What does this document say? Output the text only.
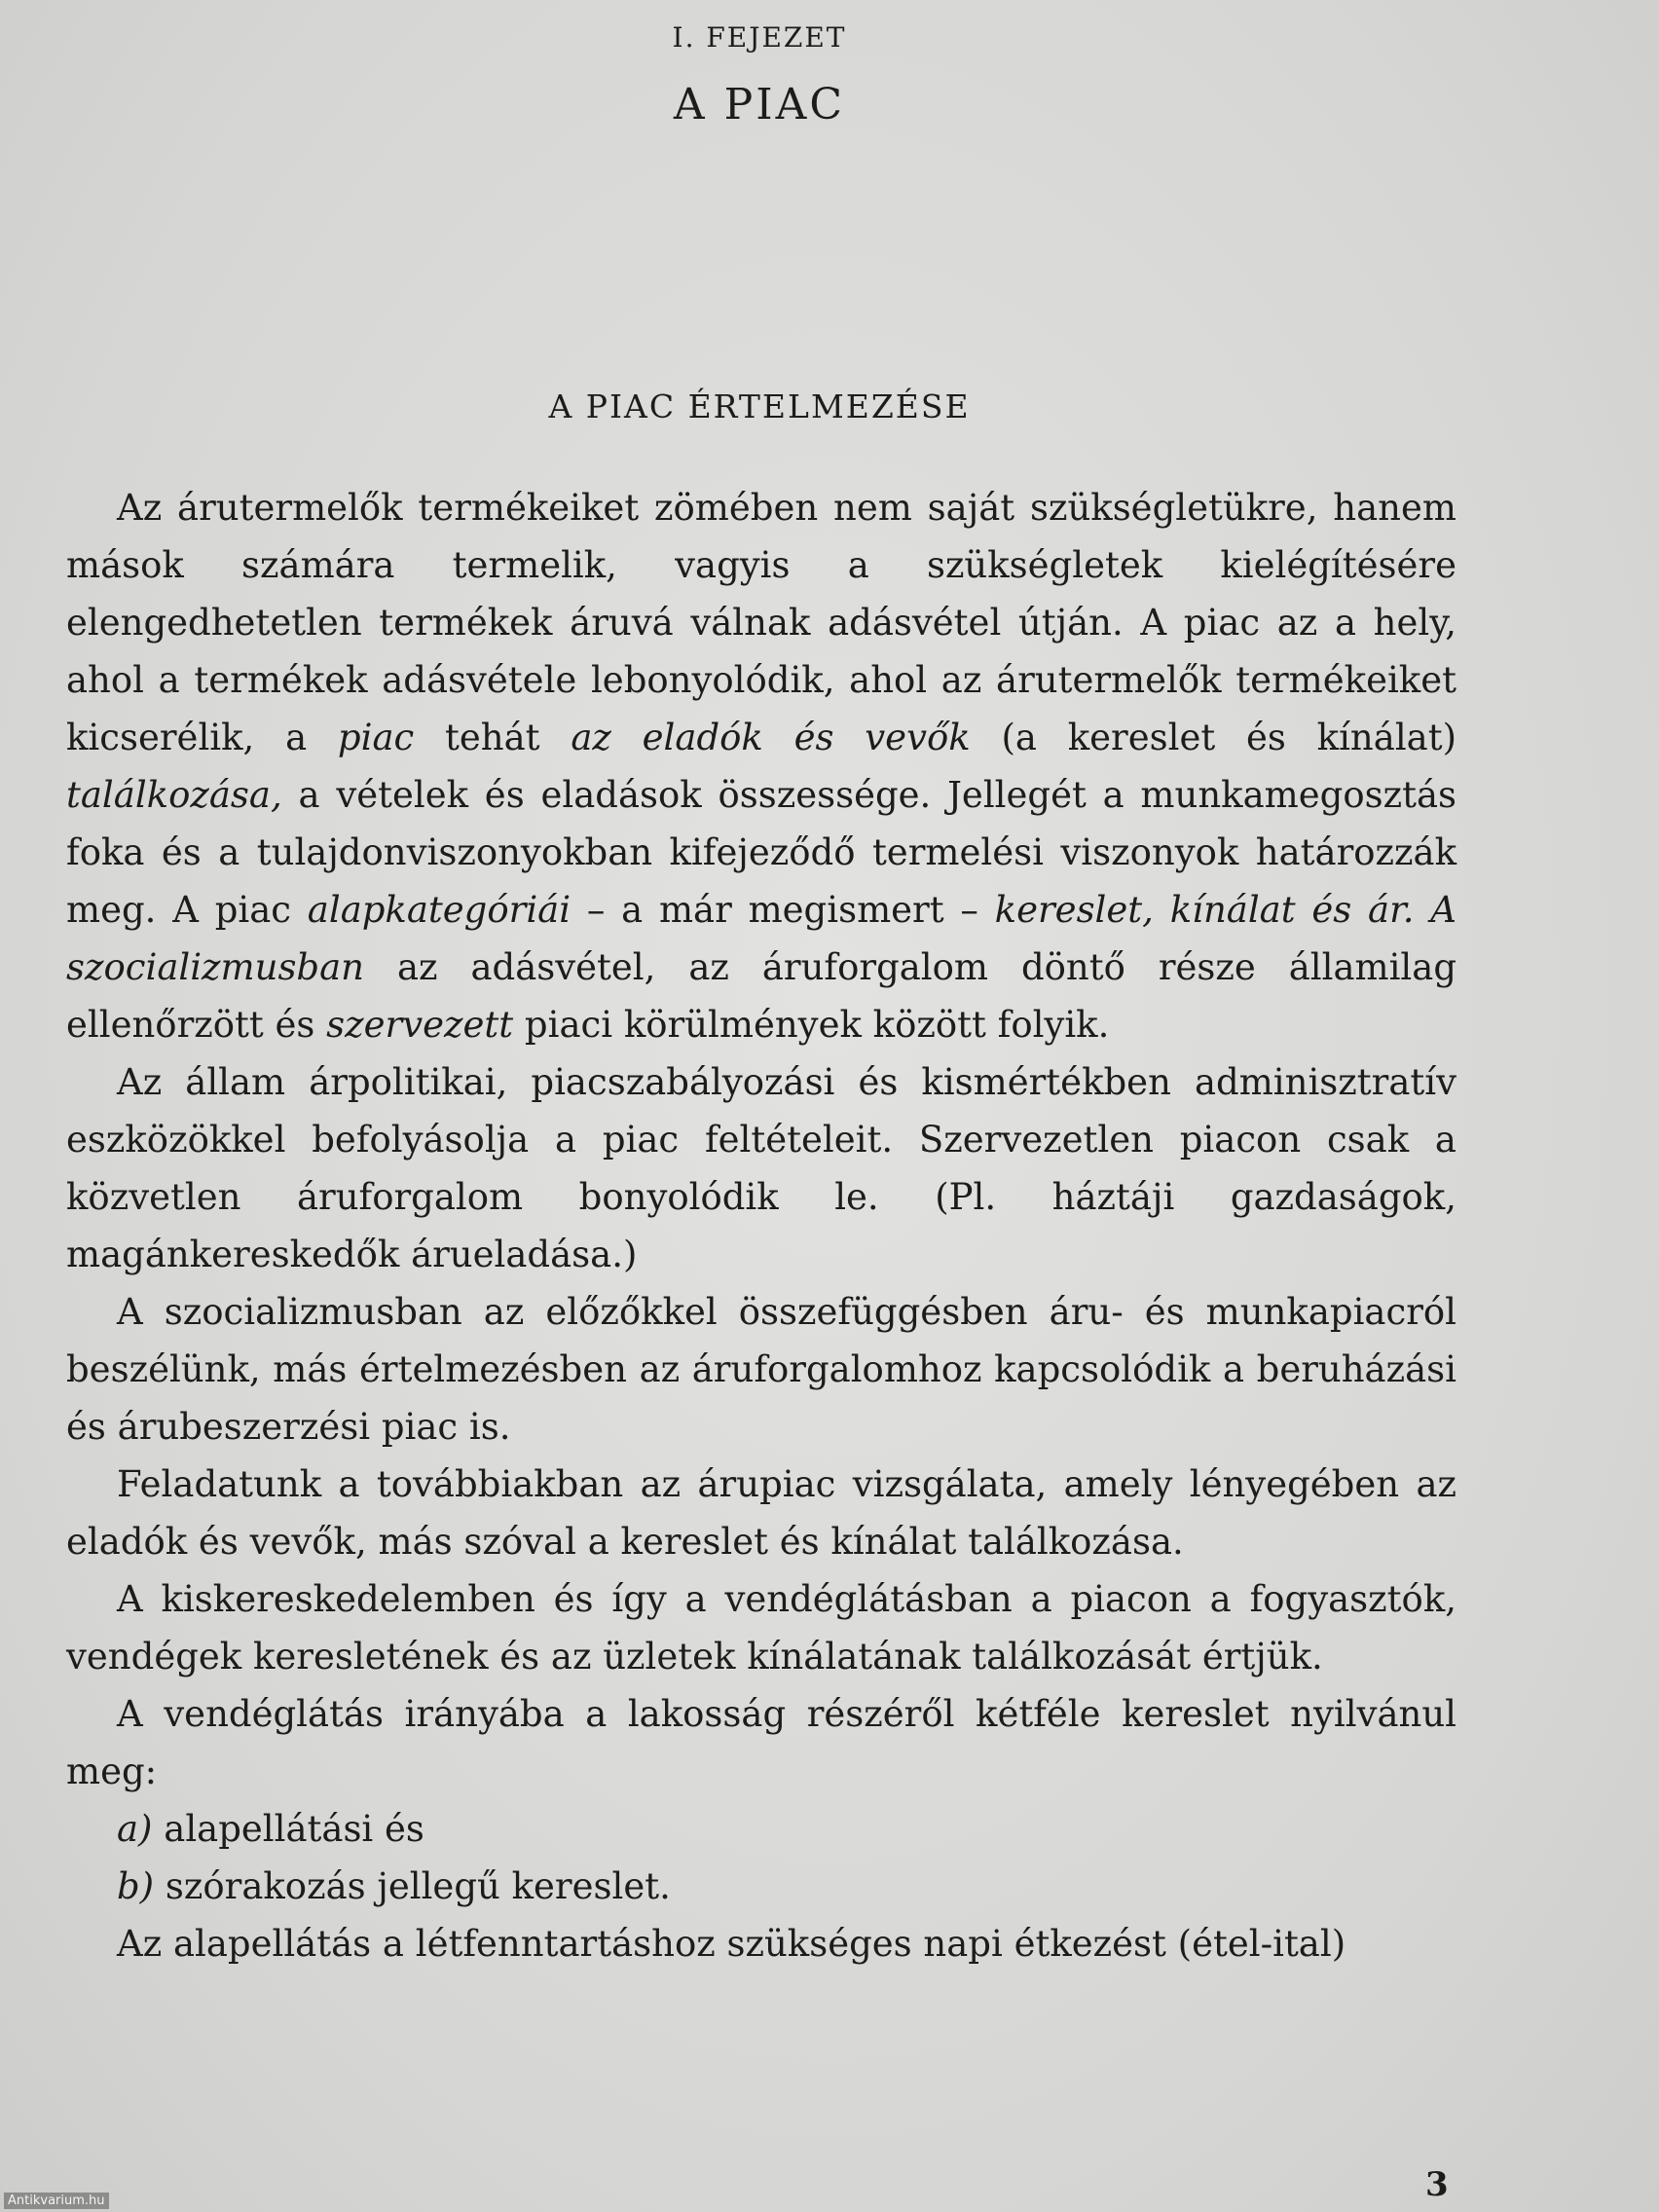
I. FEJEZET
A PIAC
A PIAC ÉRTELMEZÉSE

Az árutermelők termékeiket zömében nem saját szükségletükre, hanem mások számára termelik, vagyis a szükségletek kielégítésére elengedhetetlen termékek áruvá válnak adásvétel útján. A piac az a hely, ahol a termékek adásvétele lebonyolódik, ahol az árutermelők termékeiket kicserélik, a piac tehát az eladók és vevők (a kereslet és kínálat) találkozása, a vételek és eladások összessége. Jellegét a munkamegosztás foka és a tulajdonviszonyokban kifejeződő termelési viszonyok határozzák meg. A piac alapkategóriái – a már megismert – kereslet, kínálat és ár. A szocializmusban az adásvétel, az áruforgalom döntő része államilag ellenőrzött és szervezett piaci körülmények között folyik.

Az állam árpolitikai, piacszabályozási és kismértékben adminisztratív eszközökkel befolyásolja a piac feltételeit. Szervezetlen piacon csak a közvetlen áruforgalom bonyolódik le. (Pl. háztáji gazdaságok, magánkereskedők árueladása.)

A szocializmusban az előzőkkel összefüggésben áru- és munkapiacról beszélünk, más értelmezésben az áruforgalomhoz kapcsolódik a beruházási és árubeszerzési piac is.

Feladatunk a továbbiakban az árupiac vizsgálata, amely lényegében az eladók és vevők, más szóval a kereslet és kínálat találkozása.

A kiskereskedelemben és így a vendéglátásban a piacon a fogyasztók, vendégek keresletének és az üzletek kínálatának találkozását értjük.

A vendéglátás irányába a lakosság részéről kétféle kereslet nyilvánul meg:

a) alapellátási és

b) szórakozás jellegű kereslet.

Az alapellátás a létfenntartáshoz szükséges napi étkezést (étel-ital)

3
Antikvarium.hu
